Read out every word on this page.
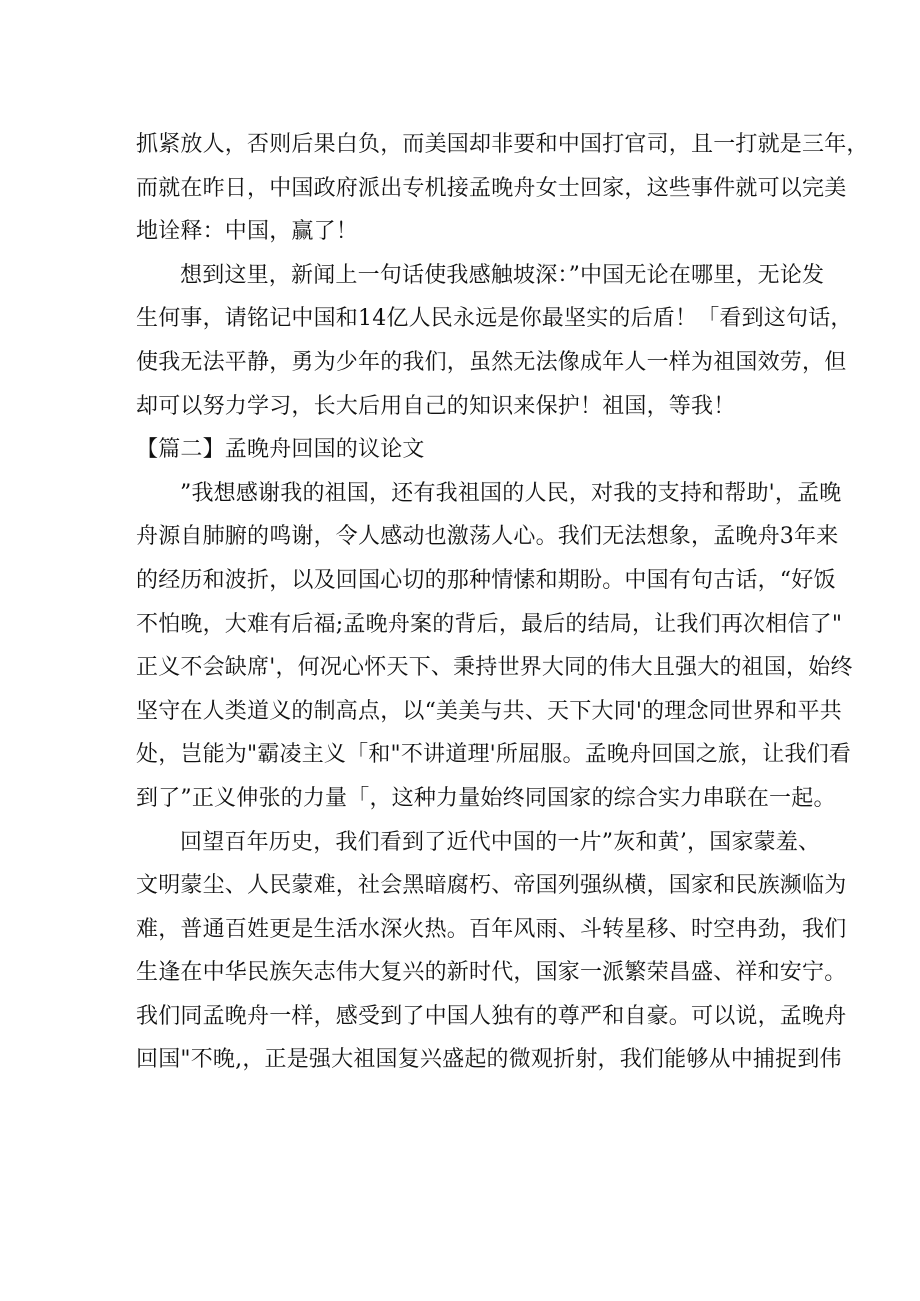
抓紧放人，否则后果白负，而美国却非要和中国打官司，且一打就是三年，
而就在昨日，中国政府派出专机接孟晚舟女士回家，这些事件就可以完美
地诠释：中国，赢了！
想到这里，新闻上一句话使我感触坡深：”中国无论在哪里，无论发
生何事，请铭记中国和14亿人民永远是你最坚实的后盾！「看到这句话，
使我无法平静，勇为少年的我们，虽然无法像成年人一样为祖国效劳，但
却可以努力学习，长大后用自己的知识来保护！祖国，等我！
【篇二】孟晚舟回国的议论文
”我想感谢我的祖国，还有我祖国的人民，对我的支持和帮助'，孟晚
舟源自肺腑的鸣谢，令人感动也激荡人心。我们无法想象，孟晚舟3年来
的经历和波折，以及回国心切的那种情愫和期盼。中国有句古话，“好饭
不怕晚，大难有后福;孟晚舟案的背后，最后的结局，让我们再次相信了"
正义不会缺席'，何况心怀天下、秉持世界大同的伟大且强大的祖国，始终
坚守在人类道义的制高点，以“美美与共、天下大同'的理念同世界和平共
处，岂能为"霸凌主义「和"不讲道理'所屈服。孟晚舟回国之旅，让我们看
到了”正义伸张的力量「，这种力量始终同国家的综合实力串联在一起。
回望百年历史，我们看到了近代中国的一片”灰和黄’，国家蒙羞、
文明蒙尘、人民蒙难，社会黑暗腐朽、帝国列强纵横，国家和民族濒临为
难，普通百姓更是生活水深火热。百年风雨、斗转星移、时空冉劲，我们
生逢在中华民族矢志伟大复兴的新时代，国家一派繁荣昌盛、祥和安宁。
我们同孟晚舟一样，感受到了中国人独有的尊严和自豪。可以说，孟晚舟
回国"不晚,，正是强大祖国复兴盛起的微观折射，我们能够从中捕捉到伟
